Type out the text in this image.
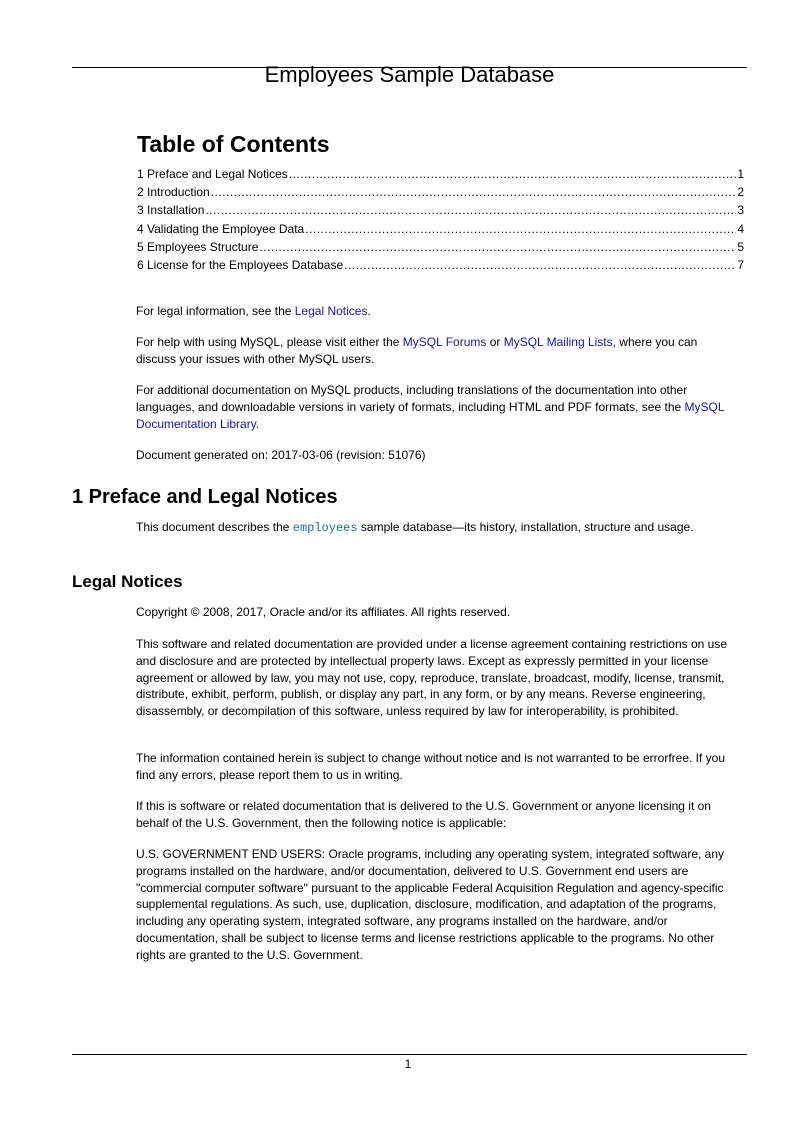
Employees Sample Database
Table of Contents
1 Preface and Legal Notices .....	1
2 Introduction .....	2
3 Installation .....	3
4 Validating the Employee Data .....	4
5 Employees Structure .....	5
6 License for the Employees Database .....	7
For legal information, see the Legal Notices.
For help with using MySQL, please visit either the MySQL Forums or MySQL Mailing Lists, where you can discuss your issues with other MySQL users.
For additional documentation on MySQL products, including translations of the documentation into other languages, and downloadable versions in variety of formats, including HTML and PDF formats, see the MySQL Documentation Library.
Document generated on: 2017-03-06 (revision: 51076)
1 Preface and Legal Notices
This document describes the employees sample database—its history, installation, structure and usage.
Legal Notices
Copyright © 2008, 2017, Oracle and/or its affiliates. All rights reserved.
This software and related documentation are provided under a license agreement containing restrictions on use and disclosure and are protected by intellectual property laws. Except as expressly permitted in your license agreement or allowed by law, you may not use, copy, reproduce, translate, broadcast, modify, license, transmit, distribute, exhibit, perform, publish, or display any part, in any form, or by any means. Reverse engineering, disassembly, or decompilation of this software, unless required by law for interoperability, is prohibited.
The information contained herein is subject to change without notice and is not warranted to be errorfree. If you find any errors, please report them to us in writing.
If this is software or related documentation that is delivered to the U.S. Government or anyone licensing it on behalf of the U.S. Government, then the following notice is applicable:
U.S. GOVERNMENT END USERS: Oracle programs, including any operating system, integrated software, any programs installed on the hardware, and/or documentation, delivered to U.S. Government end users are "commercial computer software" pursuant to the applicable Federal Acquisition Regulation and agency-specific supplemental regulations. As such, use, duplication, disclosure, modification, and adaptation of the programs, including any operating system, integrated software, any programs installed on the hardware, and/or documentation, shall be subject to license terms and license restrictions applicable to the programs. No other rights are granted to the U.S. Government.
1
